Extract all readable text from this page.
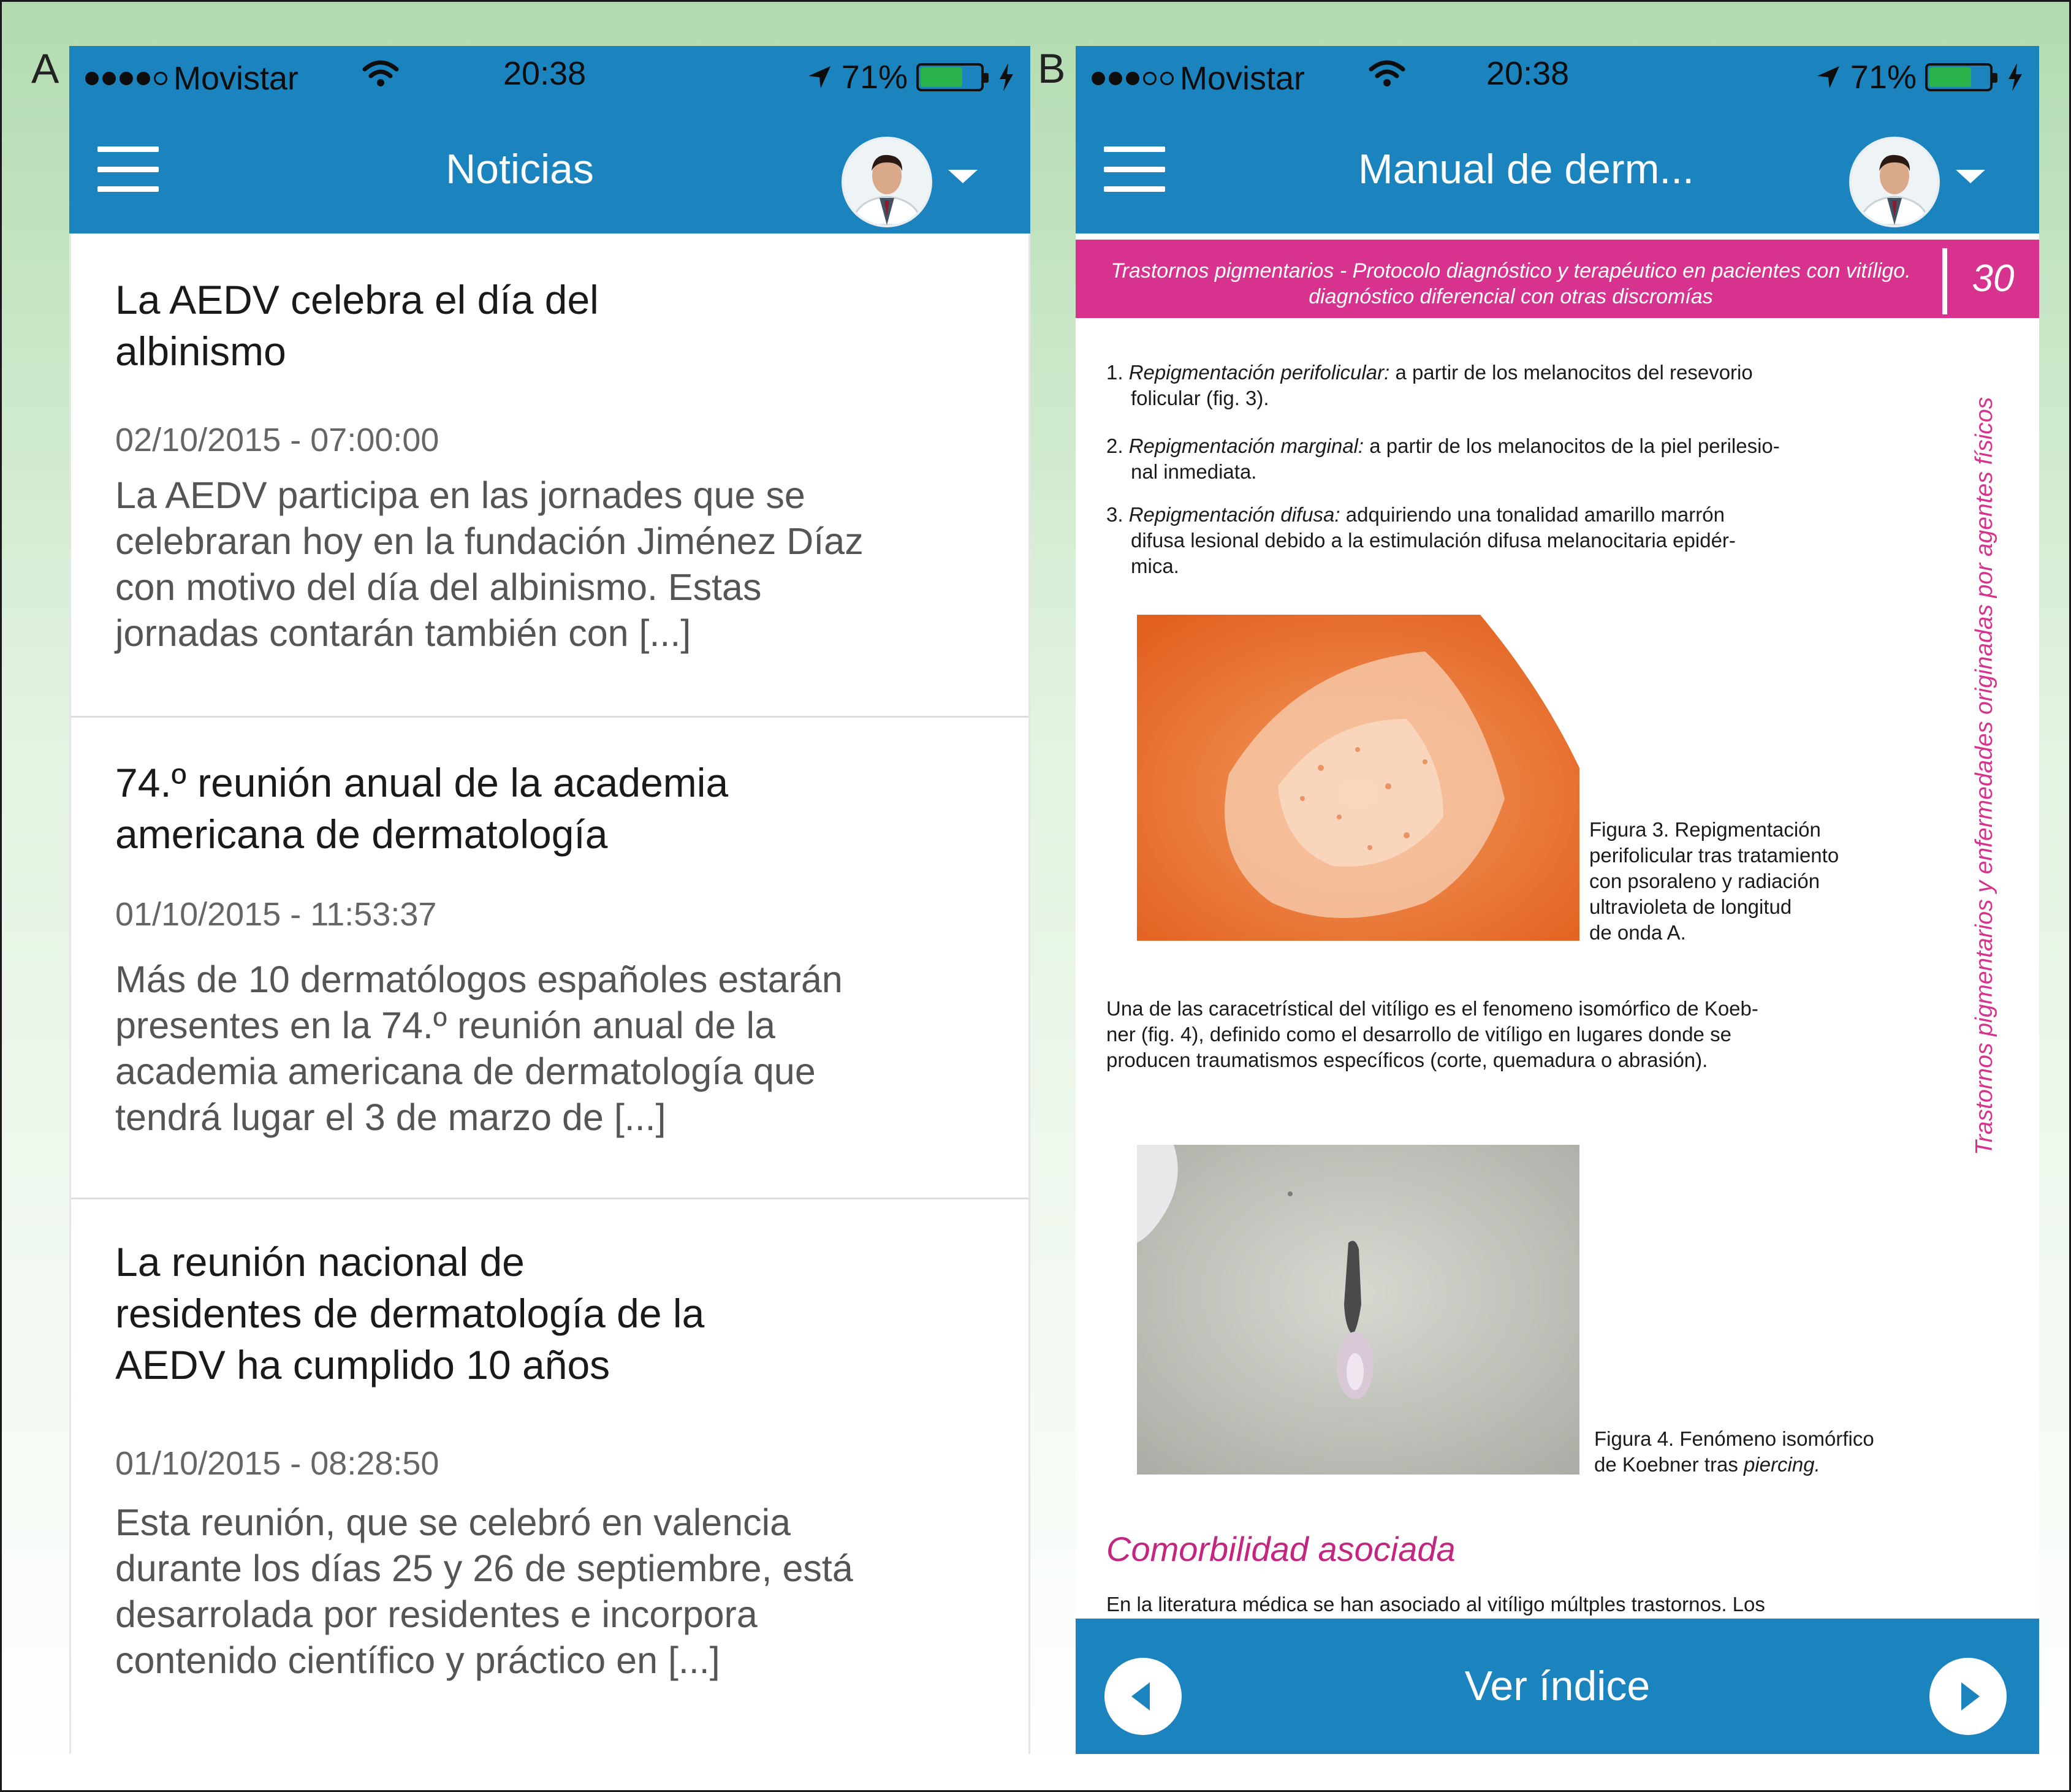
A	B
Movistar	20:38	71%
Noticias
La AEDV celebra el día del
albinismo
02/10/2015 - 07:00:00
La AEDV participa en las jornades que se
celebraran hoy en la fundación Jiménez Díaz
con motivo del día del albinismo. Estas
jornadas contarán también con [...]
74.º reunión anual de la academia
americana de dermatología
01/10/2015 - 11:53:37
Más de 10 dermatólogos españoles estarán
presentes en la 74.º reunión anual de la
academia americana de dermatología que
tendrá lugar el 3 de marzo de [...]
La reunión nacional de
residentes de dermatología de la
AEDV ha cumplido 10 años
01/10/2015 - 08:28:50
Esta reunión, que se celebró en valencia
durante los días 25 y 26 de septiembre, está
desarrolada por residentes e incorpora
contenido científico y práctico en [...]
Movistar	20:38	71%
Manual de derm...
Trastornos pigmentarios - Protocolo diagnóstico y terapéutico en pacientes con vitíligo.
diagnóstico diferencial con otras discromías	30
Trastornos pigmentarios y enfermedades originadas por agentes físicos
1. Repigmentación perifolicular: a partir de los melanocitos del resevorio
folicular (fig. 3).
2. Repigmentación marginal: a partir de los melanocitos de la piel perilesio-
nal inmediata.
3. Repigmentación difusa: adquiriendo una tonalidad amarillo marrón
difusa lesional debido a la estimulación difusa melanocitaria epidér-
mica.
Figura 3. Repigmentación
perifolicular tras tratamiento
con psoraleno y radiación
ultravioleta de longitud
de onda A.
Una de las caracetrístical del vitíligo es el fenomeno isomórfico de Koeb-
ner (fig. 4), definido como el desarrollo de vitíligo en lugares donde se
producen traumatismos específicos (corte, quemadura o abrasión).
Figura 4. Fenómeno isomórfico
de Koebner tras piercing.
Comorbilidad asociada
En la literatura médica se han asociado al vitíligo múltples trastornos. Los
Ver índice
